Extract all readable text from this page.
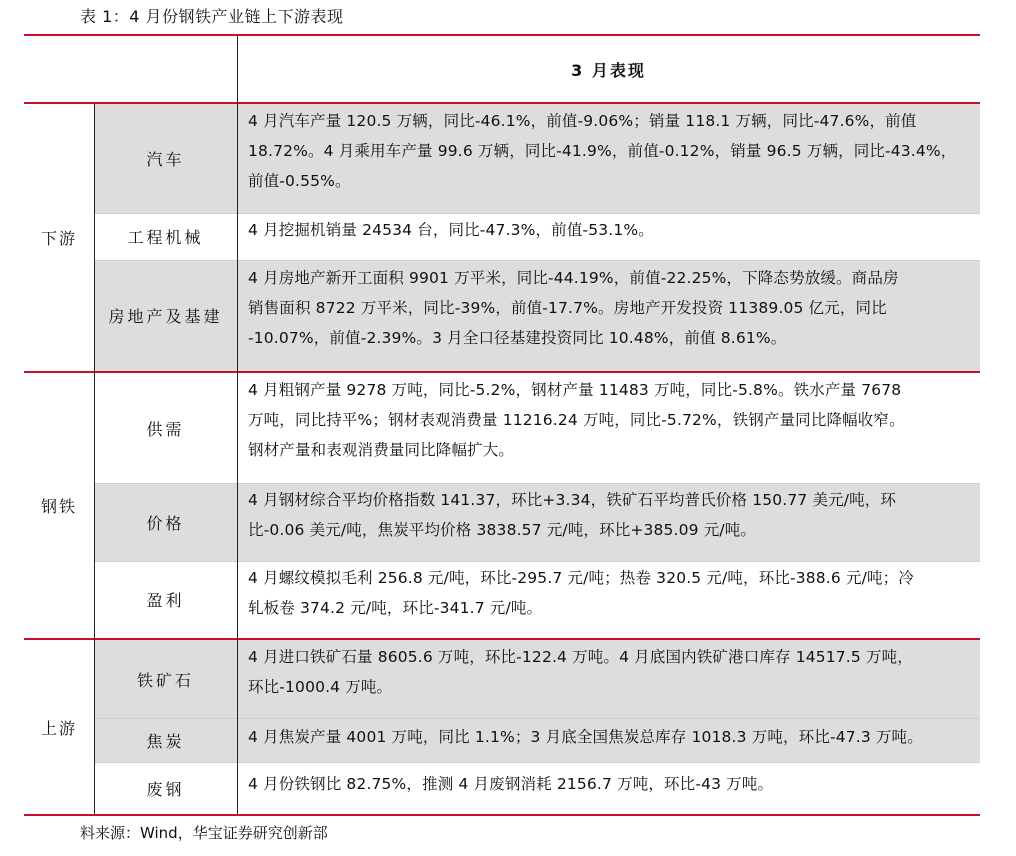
表 1：4 月份钢铁产业链上下游表现
3 月表现
下游
钢铁
上游
汽车
工程机械
房地产及基建
供需
价格
盈利
铁矿石
焦炭
废钢
4 月汽车产量 120.5 万辆，同比-46.1%，前值-9.06%；销量 118.1 万辆，同比-47.6%，前值
18.72%。4 月乘用车产量 99.6 万辆，同比-41.9%，前值-0.12%，销量 96.5 万辆，同比-43.4%，
前值-0.55%。
4 月挖掘机销量 24534 台，同比-47.3%，前值-53.1%。
4 月房地产新开工面积 9901 万平米，同比-44.19%，前值-22.25%，下降态势放缓。商品房
销售面积 8722 万平米，同比-39%，前值-17.7%。房地产开发投资 11389.05 亿元，同比
-10.07%，前值-2.39%。3 月全口径基建投资同比 10.48%，前值 8.61%。
4 月粗钢产量 9278 万吨，同比-5.2%，钢材产量 11483 万吨，同比-5.8%。铁水产量 7678
万吨，同比持平%；钢材表观消费量 11216.24 万吨，同比-5.72%，铁钢产量同比降幅收窄。
钢材产量和表观消费量同比降幅扩大。
4 月钢材综合平均价格指数 141.37，环比+3.34，铁矿石平均普氏价格 150.77 美元/吨，环
比-0.06 美元/吨，焦炭平均价格 3838.57 元/吨，环比+385.09 元/吨。
4 月螺纹模拟毛利 256.8 元/吨，环比-295.7 元/吨；热卷 320.5 元/吨，环比-388.6 元/吨；冷
轧板卷 374.2 元/吨，环比-341.7 元/吨。
4 月进口铁矿石量 8605.6 万吨，环比-122.4 万吨。4 月底国内铁矿港口库存 14517.5 万吨，
环比-1000.4 万吨。
4 月焦炭产量 4001 万吨，同比 1.1%；3 月底全国焦炭总库存 1018.3 万吨，环比-47.3 万吨。
4 月份铁钢比 82.75%，推测 4 月废钢消耗 2156.7 万吨，环比-43 万吨。
料来源：Wind，华宝证券研究创新部
